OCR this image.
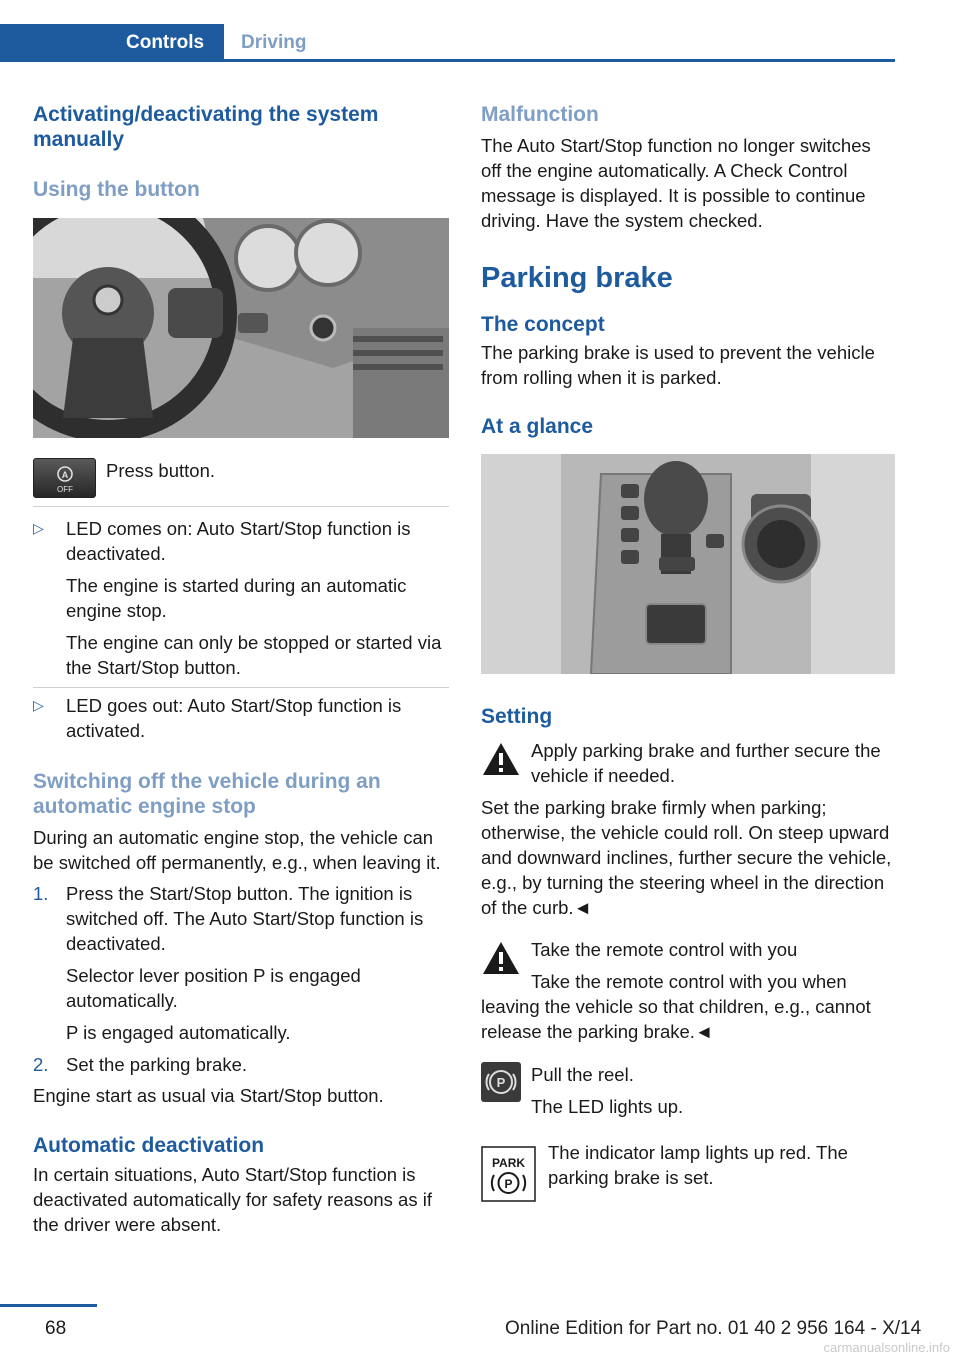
Controls	Driving
Activating/deactivating the system manually
Using the button
A
OFF
Press button.
▷ LED comes on: Auto Start/Stop function is deactivated.
The engine is started during an automatic engine stop.
The engine can only be stopped or started via the Start/Stop button.
▷ LED goes out: Auto Start/Stop function is activated.
Switching off the vehicle during an automatic engine stop

During an automatic engine stop, the vehicle can be switched off permanently, e.g., when leaving it.

1. Press the Start/Stop button. The ignition is switched off. The Auto Start/Stop function is deactivated.
Selector lever position P is engaged automatically.
P is engaged automatically.
2. Set the parking brake.

Engine start as usual via Start/Stop button.

Automatic deactivation

In certain situations, Auto Start/Stop function is deactivated automatically for safety reasons as if the driver were absent.

Malfunction

The Auto Start/Stop function no longer switches off the engine automatically. A Check Control message is displayed. It is possible to continue driving. Have the system checked.

Parking brake
The concept

The parking brake is used to prevent the vehicle from rolling when it is parked.

At a glance
Setting
Apply parking brake and further secure the vehicle if needed.

Set the parking brake firmly when parking; otherwise, the vehicle could roll. On steep upward and downward inclines, further secure the vehicle, e.g., by turning the steering wheel in the direction of the curb.◄

Take the remote control with you
Take the remote control with you when

leaving the vehicle so that children, e.g., cannot release the parking brake.◄

P	Pull the reel.
The LED lights up.
PARK
P
The indicator lamp lights up red. The parking brake is set.
68	Online Edition for Part no. 01 40 2 956 164 - X/14
carmanualsonline.info
